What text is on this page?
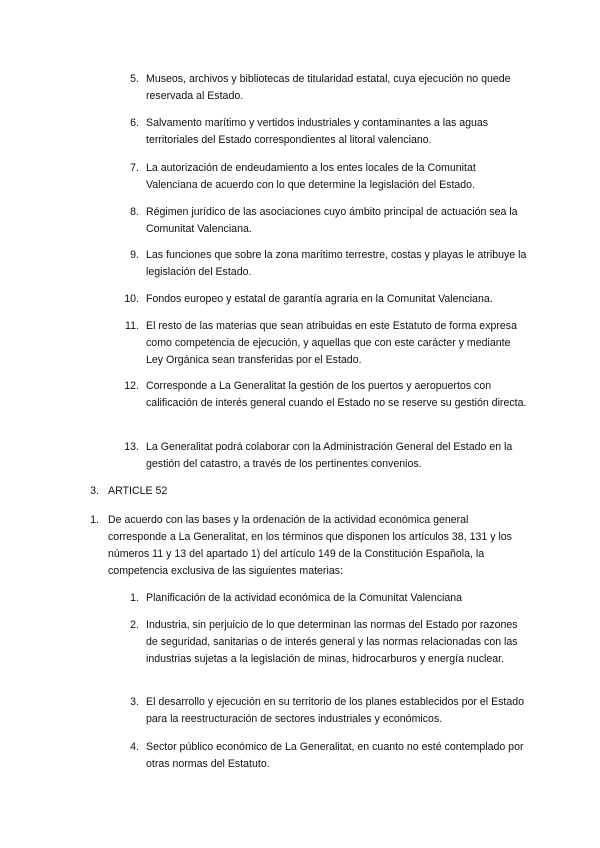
5. Museos, archivos y bibliotecas de titularidad estatal, cuya ejecución no quede reservada al Estado.
6. Salvamento marítimo y vertidos industriales y contaminantes a las aguas territoriales del Estado correspondientes al litoral valenciano.
7. La autorización de endeudamiento a los entes locales de la Comunitat Valenciana de acuerdo con lo que determine la legislación del Estado.
8. Régimen jurídico de las asociaciones cuyo ámbito principal de actuación sea la Comunitat Valenciana.
9. Las funciones que sobre la zona marítimo terrestre, costas y playas le atribuye la legislación del Estado.
10. Fondos europeo y estatal de garantía agraria en la Comunitat Valenciana.
11. El resto de las materias que sean atribuidas en este Estatuto de forma expresa como competencia de ejecución, y aquellas que con este carácter y mediante Ley Orgánica sean transferidas por el Estado.
12. Corresponde a La Generalitat la gestión de los puertos y aeropuertos con calificación de interés general cuando el Estado no se reserve su gestión directa.
13. La Generalitat podrá colaborar con la Administración General del Estado en la gestión del catastro, a través de los pertinentes convenios.
3. ARTICLE 52
1. De acuerdo con las bases y la ordenación de la actividad económica general corresponde a La Generalitat, en los términos que disponen los artículos 38, 131 y los números 11 y 13 del apartado 1) del artículo 149 de la Constitución Española, la competencia exclusiva de las siguientes materias:
1. Planificación de la actividad económica de la Comunitat Valenciana
2. Industria, sin perjuicio de lo que determinan las normas del Estado por razones de seguridad, sanitarias o de interés general y las normas relacionadas con las industrias sujetas a la legislación de minas, hidrocarburos y energía nuclear.
3. El desarrollo y ejecución en su territorio de los planes establecidos por el Estado para la reestructuración de sectores industriales y económicos.
4. Sector público económico de La Generalitat, en cuanto no esté contemplado por otras normas del Estatuto.
